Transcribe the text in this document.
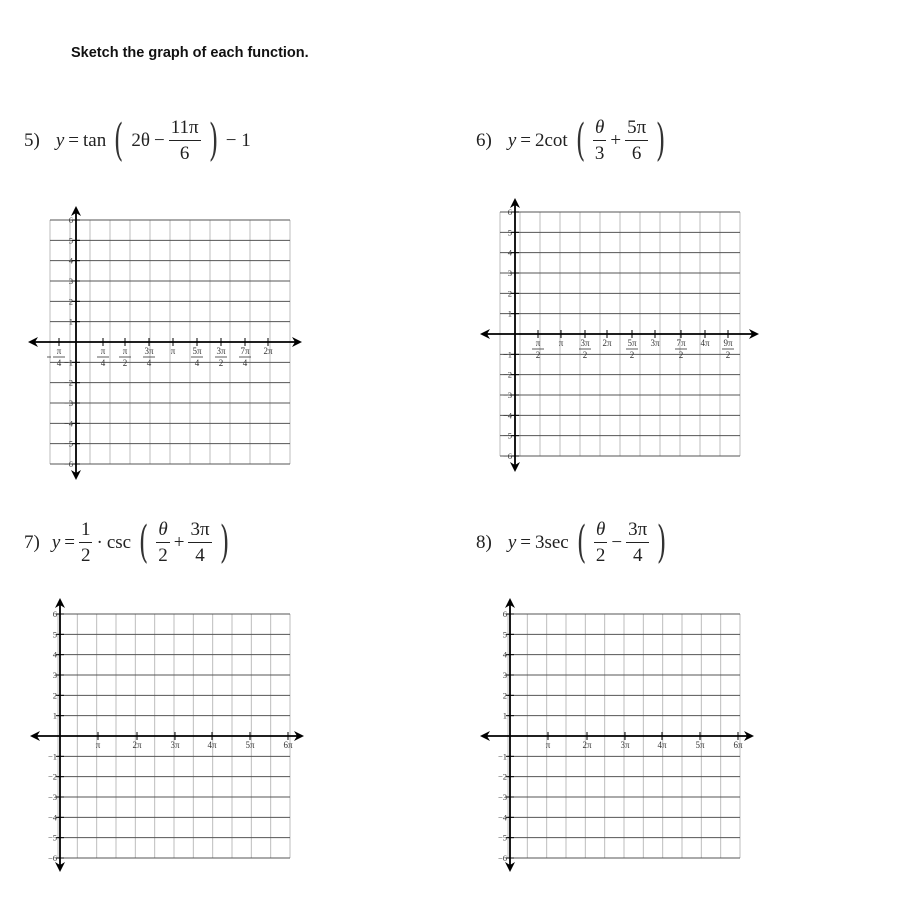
Sketch the graph of each function.
5) y = tan ( $2\theta - \frac{11\pi}{6}$ ) − 1	6) y = 2cot ( $\frac{\theta}{3} + \frac{5\pi}{6}$ )
7) $y = \frac{1}{2} \cdot \csc$ ( $\frac{\theta}{2} + \frac{3\pi}{4}$ )	8) y = 3sec ( $\frac{\theta}{2} - \frac{3\pi}{4}$ )
6
5
4
3
2
1
−1
−2
−3
−4
−5
−6
π
4
π
4
π
2
3π
4
π 5π
4
3π
2
7π
4
2π
6
5
4
3
2
1
−1
−2
−3
−4
−5
−6
π
2
π 3π
2
2π 5π
2
3π 7π
2
4π 9π
2
6
5
4
3
2
1
−1
−2
−3
−4
−5
−6
π	2π	3π	4π	5π	6π
6
5
4
3
2
1
−1
−2
−3
−4
−5
−6
π	2π	3π	4π	5π	6π
